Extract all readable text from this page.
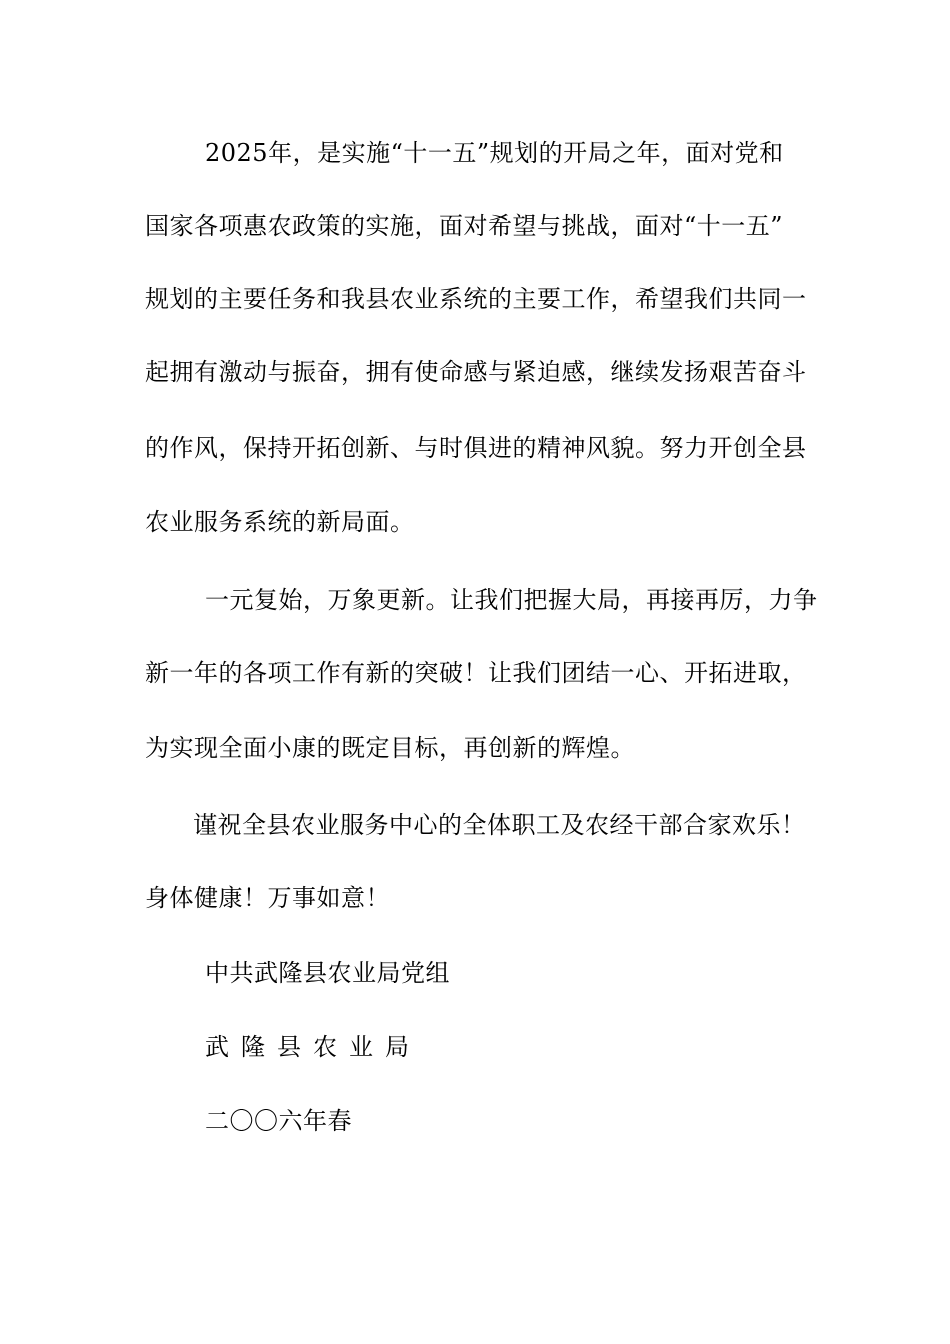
2025年，是实施“十一五”规划的开局之年，面对党和
国家各项惠农政策的实施，面对希望与挑战，面对“十一五”
规划的主要任务和我县农业系统的主要工作，希望我们共同一
起拥有激动与振奋，拥有使命感与紧迫感，继续发扬艰苦奋斗
的作风，保持开拓创新、与时俱进的精神风貌。努力开创全县
农业服务系统的新局面。
一元复始，万象更新。让我们把握大局，再接再厉，力争
新一年的各项工作有新的突破！让我们团结一心、开拓进取，
为实现全面小康的既定目标，再创新的辉煌。
谨祝全县农业服务中心的全体职工及农经干部合家欢乐！
身体健康！万事如意！
中共武隆县农业局党组
武隆县农业局
二〇〇六年春
